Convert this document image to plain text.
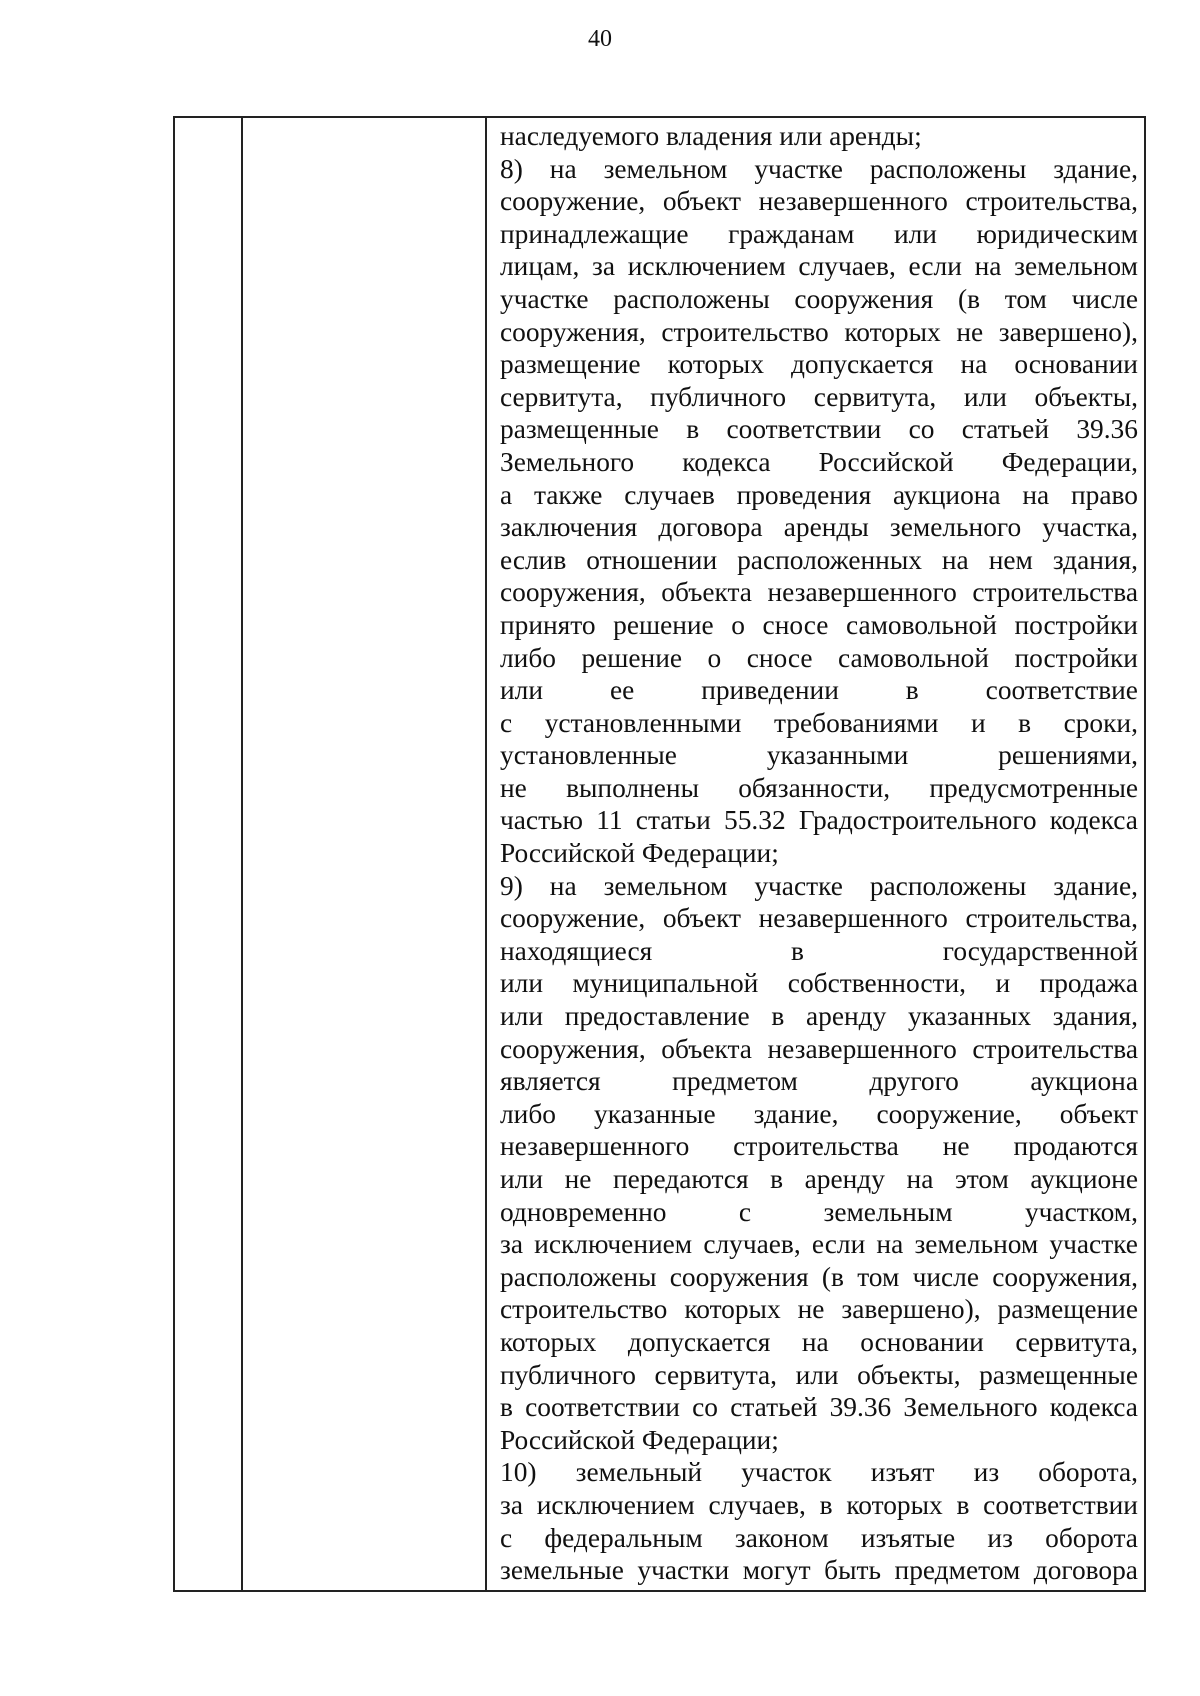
40
наследуемого владения или аренды;
8) на земельном участке расположены здание,
сооружение, объект незавершенного строительства,
принадлежащие гражданам или юридическим
лицам, за исключением случаев, если на земельном
участке расположены сооружения (в том числе
сооружения, строительство которых не завершено),
размещение которых допускается на основании
сервитута, публичного сервитута, или объекты,
размещенные в соответствии со статьей 39.36
Земельного кодекса Российской Федерации,
а также случаев проведения аукциона на право
заключения договора аренды земельного участка,
еслив отношении расположенных на нем здания,
сооружения, объекта незавершенного строительства
принято решение о сносе самовольной постройки
либо решение о сносе самовольной постройки
или ее приведении в соответствие
с установленными требованиями и в сроки,
установленные	указанными	решениями,
не выполнены обязанности, предусмотренные
частью 11 статьи 55.32 Градостроительного кодекса
Российской Федерации;
9) на земельном участке расположены здание,
сооружение, объект незавершенного строительства,
находящиеся	в	государственной
или муниципальной собственности, и продажа
или предоставление в аренду указанных здания,
сооружения, объекта незавершенного строительства
является	предметом	другого	аукциона
либо указанные здание, сооружение, объект
незавершенного строительства не продаются
или не передаются в аренду на этом аукционе
одновременно	с	земельным	участком,
за исключением случаев, если на земельном участке
расположены сооружения (в том числе сооружения,
строительство которых не завершено), размещение
которых допускается на основании сервитута,
публичного сервитута, или объекты, размещенные
в соответствии со статьей 39.36 Земельного кодекса
Российской Федерации;
10) земельный участок изъят из оборота,
за исключением случаев, в которых в соответствии
с федеральным законом изъятые из оборота
земельные участки могут быть предметом договора
